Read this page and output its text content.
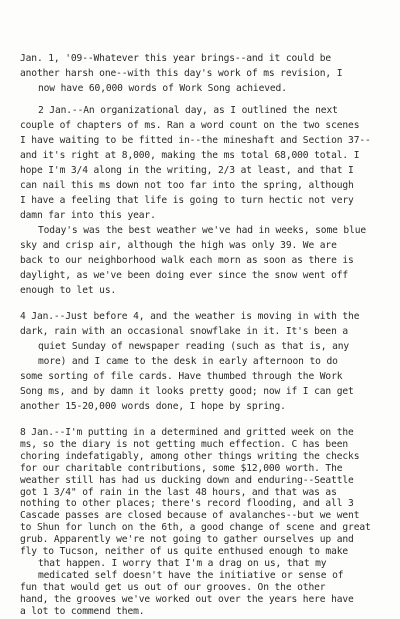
Jan. 1, '09--Whatever this year brings--and it could be
another harsh one--with this day's work of ms revision, I
now have 60,000 words of Work Song achieved.
2 Jan.--An organizational day, as I outlined the next
couple of chapters of ms. Ran a word count on the two scenes
I have waiting to be fitted in--the mineshaft and Section 37--
and it's right at 8,000, making the ms total 68,000 total. I
hope I'm 3/4 along in the writing, 2/3 at least, and that I
can nail this ms down not too far into the spring, although
I have a feeling that life is going to turn hectic not very
damn far into this year.
Today's was the best weather we've had in weeks, some blue
sky and crisp air, although the high was only 39. We are
back to our neighborhood walk each morn as soon as there is
daylight, as we've been doing ever since the snow went off
enough to let us.
4 Jan.--Just before 4, and the weather is moving in with the
dark, rain with an occasional snowflake in it. It's been a
quiet Sunday of newspaper reading (such as that is, any
more) and I came to the desk in early afternoon to do
some sorting of file cards. Have thumbed through the Work
Song ms, and by damn it looks pretty good; now if I can get
another 15-20,000 words done, I hope by spring.
8 Jan.--I'm putting in a determined and gritted week on the
ms, so the diary is not getting much effection. C has been
choring indefatigably, among other things writing the checks
for our charitable contributions, some $12,000 worth. The
weather still has had us ducking down and enduring--Seattle
got 1 3/4" of rain in the last 48 hours, and that was as
nothing to other places; there's record flooding, and all 3
Cascade passes are closed because of avalanches--but we went
to Shun for lunch on the 6th, a good change of scene and great
grub. Apparently we're not going to gather ourselves up and
fly to Tucson, neither of us quite enthused enough to make
that happen. I worry that I'm a drag on us, that my
medicated self doesn't have the initiative or sense of
fun that would get us out of our grooves. On the other
hand, the grooves we've worked out over the years here have
a lot to commend them.
